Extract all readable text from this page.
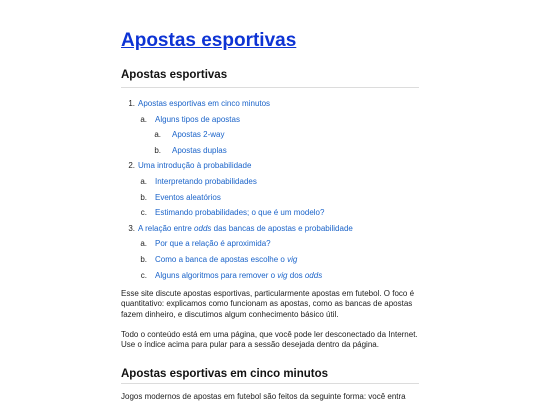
Apostas esportivas
Apostas esportivas
1. Apostas esportivas em cinco minutos
a. Alguns tipos de apostas
a. Apostas 2-way
b. Apostas duplas
2. Uma introdução à probabilidade
a. Interpretando probabilidades
b. Eventos aleatórios
c. Estimando probabilidades; o que é um modelo?
3. A relação entre odds das bancas de apostas e probabilidade
a. Por que a relação é aproximida?
b. Como a banca de apostas escolhe o vig
c. Alguns algoritmos para remover o vig dos odds

Esse site discute apostas esportivas, particularmente apostas em futebol. O foco é
quantitativo: explicamos como funcionam as apostas, como as bancas de apostas
fazem dinheiro, e discutimos algum conhecimento básico útil.

Todo o conteúdo está em uma página, que você pode ler desconectado da Internet.
Use o índice acima para pular para a sessão desejada dentro da página.

Apostas esportivas em cinco minutos

Jogos modernos de apostas em futebol são feitos da seguinte forma: você entra
